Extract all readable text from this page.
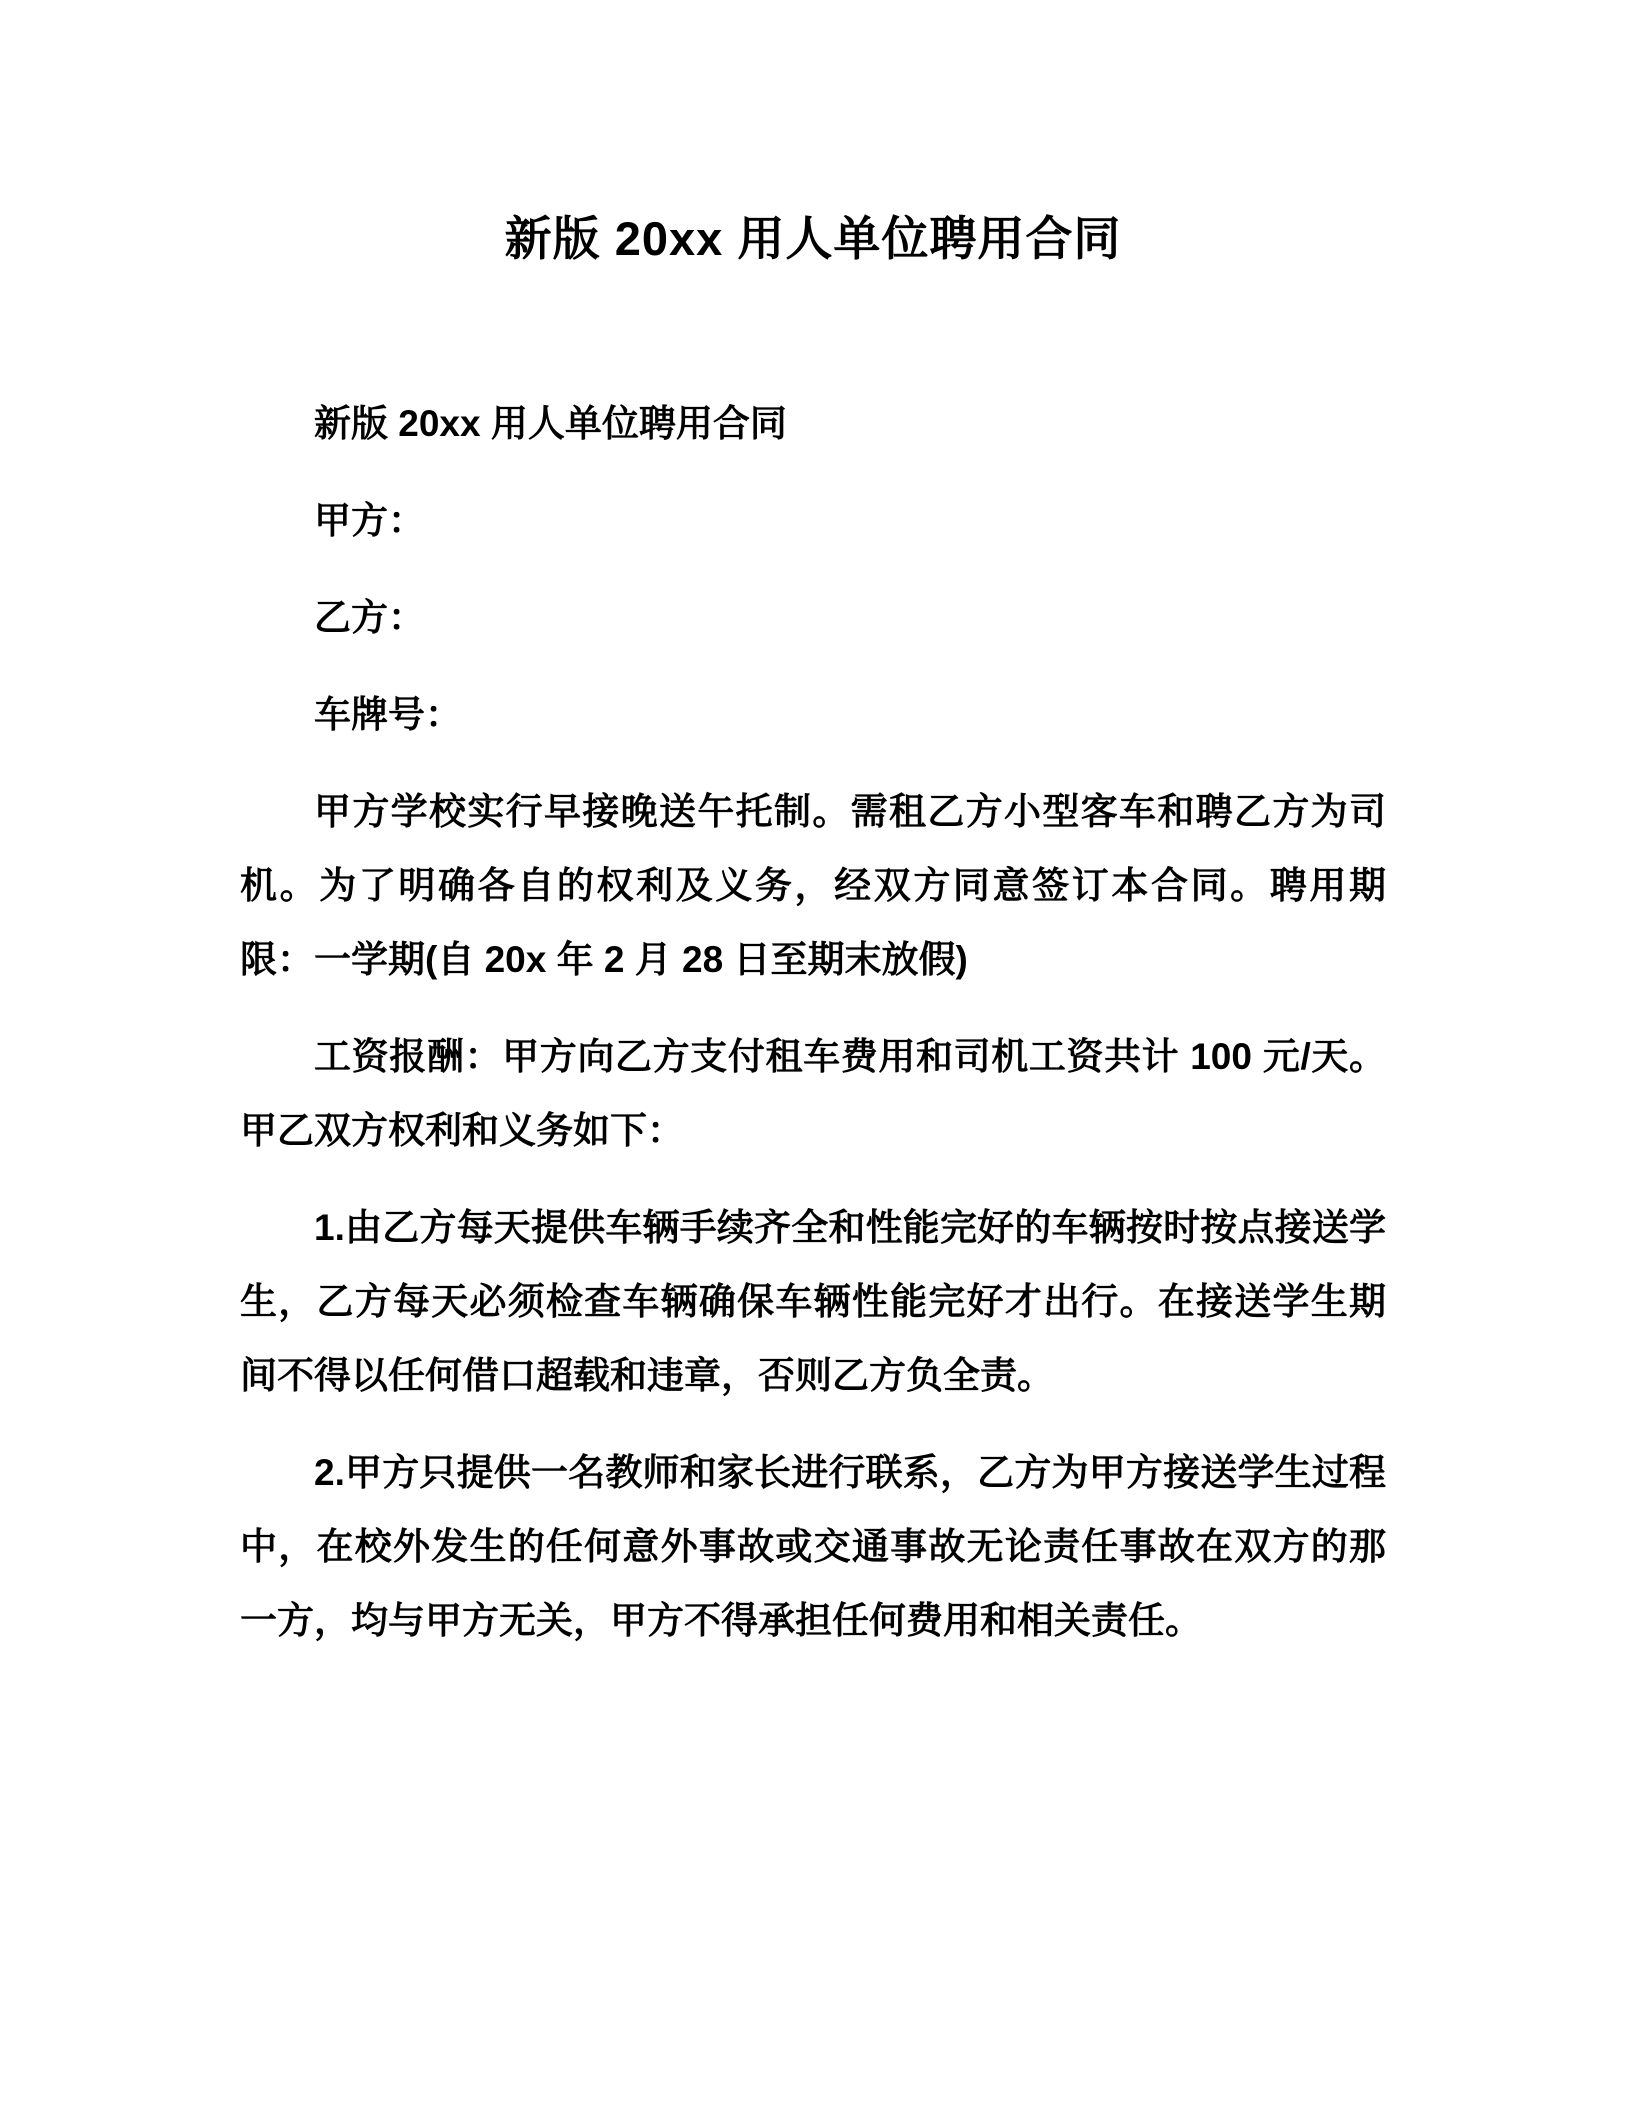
新版 20xx 用人单位聘用合同

新版 20xx 用人单位聘用合同

甲方：

乙方：

车牌号：

甲方学校实行早接晚送午托制。需租乙方小型客车和聘乙方为司机。为了明确各自的权利及义务，经双方同意签订本合同。聘用期限：一学期(自 20x 年 2 月 28 日至期末放假)

工资报酬：甲方向乙方支付租车费用和司机工资共计 100 元/天。甲乙双方权利和义务如下：

1.由乙方每天提供车辆手续齐全和性能完好的车辆按时按点接送学生，乙方每天必须检查车辆确保车辆性能完好才出行。在接送学生期间不得以任何借口超载和违章，否则乙方负全责。

2.甲方只提供一名教师和家长进行联系，乙方为甲方接送学生过程中，在校外发生的任何意外事故或交通事故无论责任事故在双方的那一方，均与甲方无关，甲方不得承担任何费用和相关责任。
